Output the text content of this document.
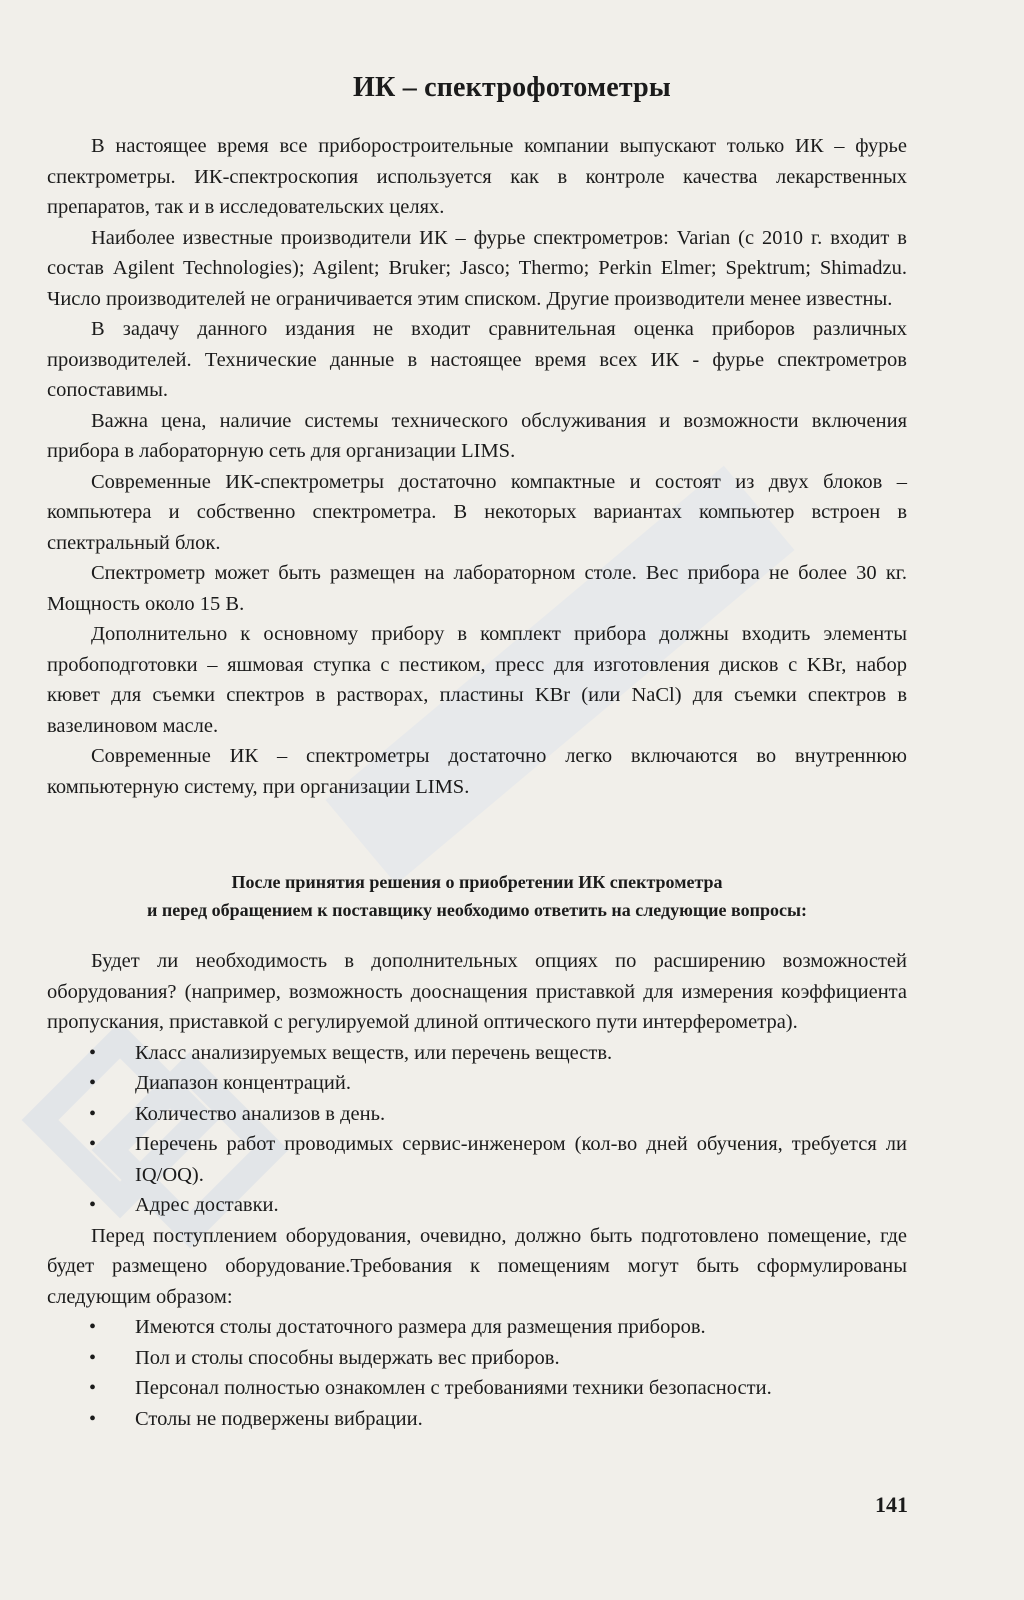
ИК – спектрофотометры

В настоящее время все приборостроительные компании выпускают только ИК – фурье спектрометры. ИК-спектроскопия используется как в контроле качества лекарственных препаратов, так и в исследовательских целях.

Наиболее известные производители ИК – фурье спектрометров: Varian (с 2010 г. входит в состав Agilent Technologies); Agilent; Bruker; Jasco; Thermo; Perkin Elmer; Spektrum; Shimadzu. Число производителей не ограничивается этим списком. Другие производители менее известны.

В задачу данного издания не входит сравнительная оценка приборов различных производителей. Технические данные в настоящее время всех ИК - фурье спектрометров сопоставимы.

Важна цена, наличие системы технического обслуживания и возможности включения прибора в лабораторную сеть для организации LIMS.

Современные ИК-спектрометры достаточно компактные и состоят из двух блоков – компьютера и собственно спектрометра. В некоторых вариантах компьютер встроен в спектральный блок.

Спектрометр может быть размещен на лабораторном столе. Вес прибора не более 30 кг. Мощность около 15 В.

Дополнительно к основному прибору в комплект прибора должны входить элементы пробоподготовки – яшмовая ступка с пестиком, пресс для изготовления дисков с KBr, набор кювет для съемки спектров в растворах, пластины KBr (или NaCl) для съемки спектров в вазелиновом масле.

Современные ИК – спектрометры достаточно легко включаются во внутреннюю компьютерную систему, при организации LIMS.

После принятия решения о приобретении ИК спектрометра

и перед обращением к поставщику необходимо ответить на следующие вопросы:

Будет ли необходимость в дополнительных опциях по расширению возможностей оборудования? (например, возможность дооснащения приставкой для измерения коэффициента пропускания, приставкой с регулируемой длиной оптического пути интерферометра).

• Класс анализируемых веществ, или перечень веществ.
• Диапазон концентраций.
• Количество анализов в день.
• Перечень работ проводимых сервис-инженером (кол-во дней обучения, требуется ли IQ/OQ).
• Адрес доставки.

Перед поступлением оборудования, очевидно, должно быть подготовлено помещение, где будет размещено оборудование.Требования к помещениям могут быть сформулированы следующим образом:

• Имеются столы достаточного размера для размещения приборов.
• Пол и столы способны выдержать вес приборов.
• Персонал полностью ознакомлен с требованиями техники безопасности.
• Столы не подвержены вибрации.
141
